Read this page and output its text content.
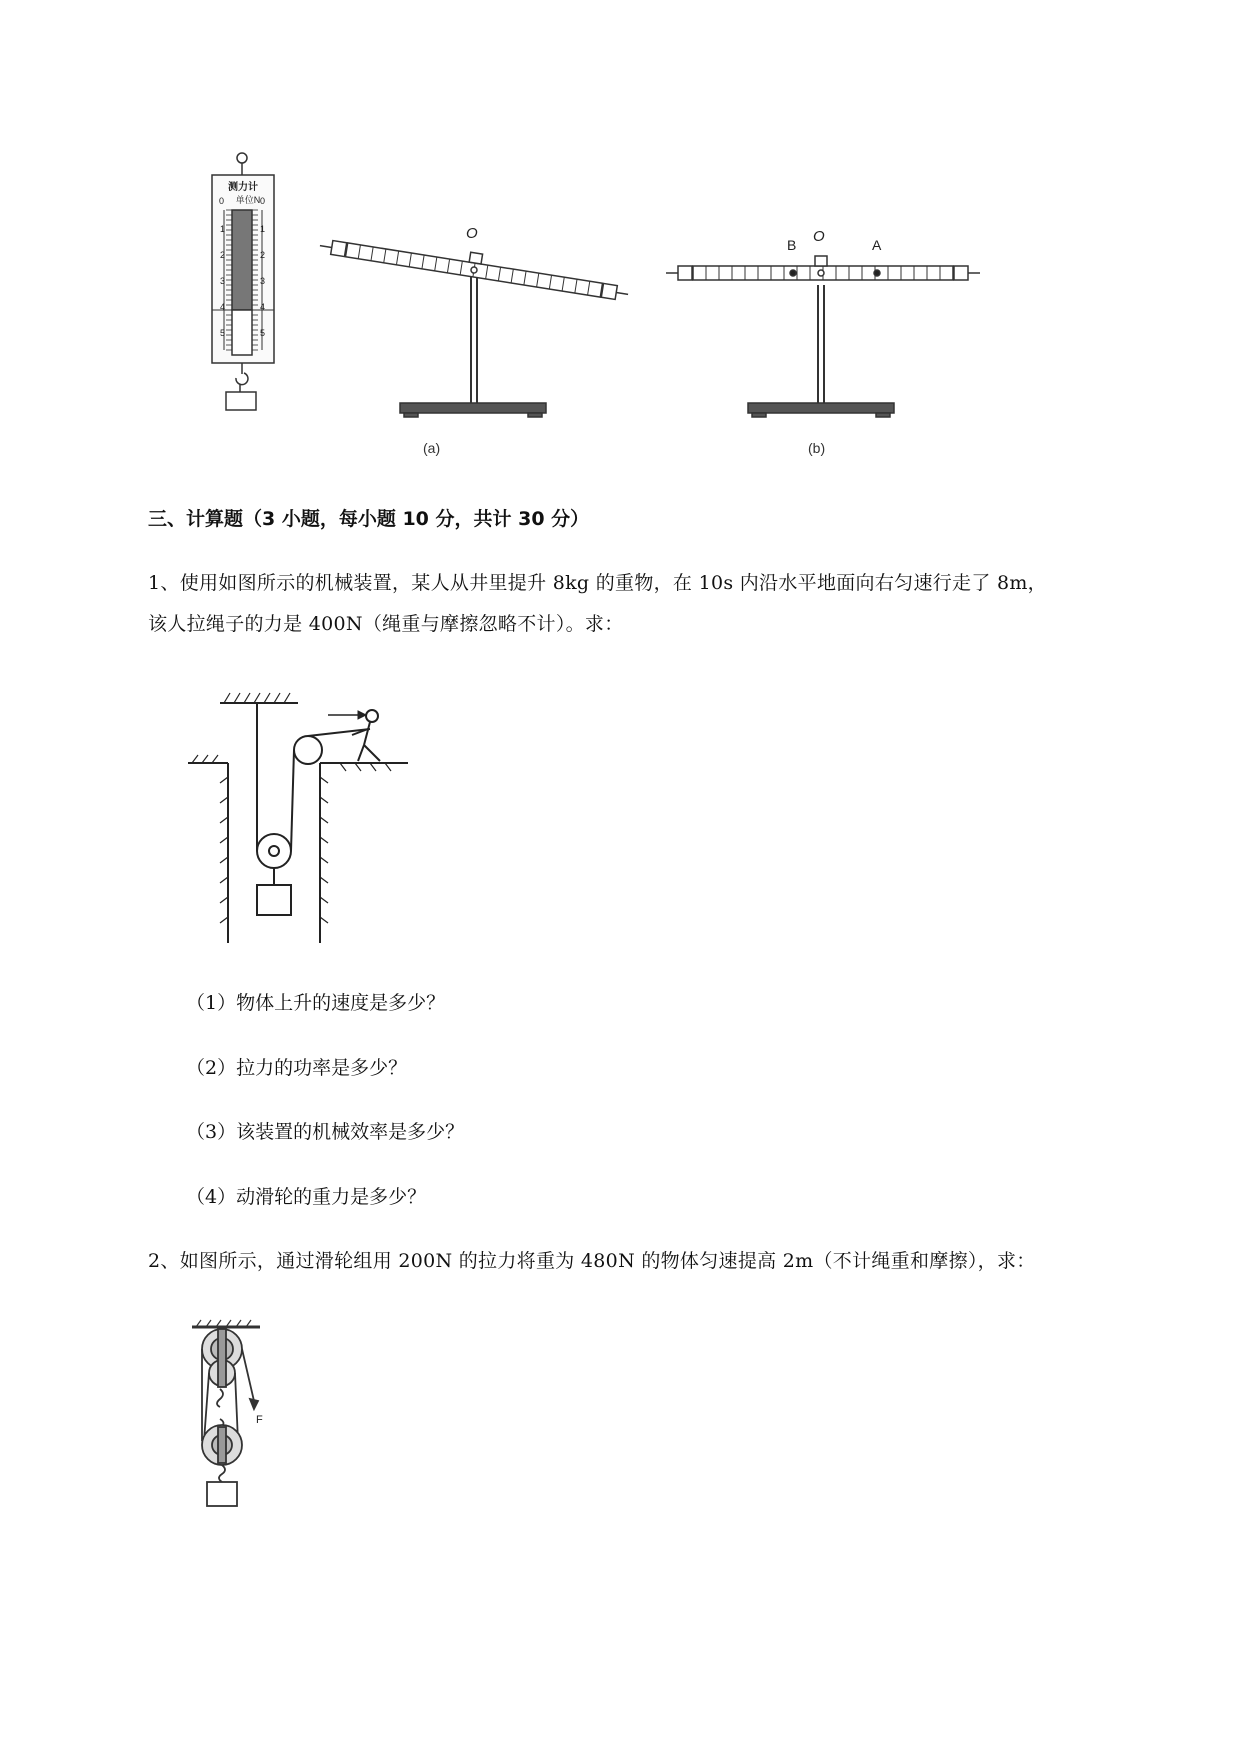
测力计
单位N
0	0
1	1
2	2
3	3
4	4
5	5
O
(a)
B O	A
(b)
三、计算题（3 小题，每小题 10 分，共计 30 分）
1、使用如图所示的机械装置，某人从井里提升 8kg 的重物，在 10s 内沿水平地面向右匀速行走了 8m，
该人拉绳子的力是 400N（绳重与摩擦忽略不计）。求：
（1）物体上升的速度是多少？
（2）拉力的功率是多少？
（3）该装置的机械效率是多少？
（4）动滑轮的重力是多少？
2、如图所示，通过滑轮组用 200N 的拉力将重为 480N 的物体匀速提高 2m（不计绳重和摩擦），求：
F
